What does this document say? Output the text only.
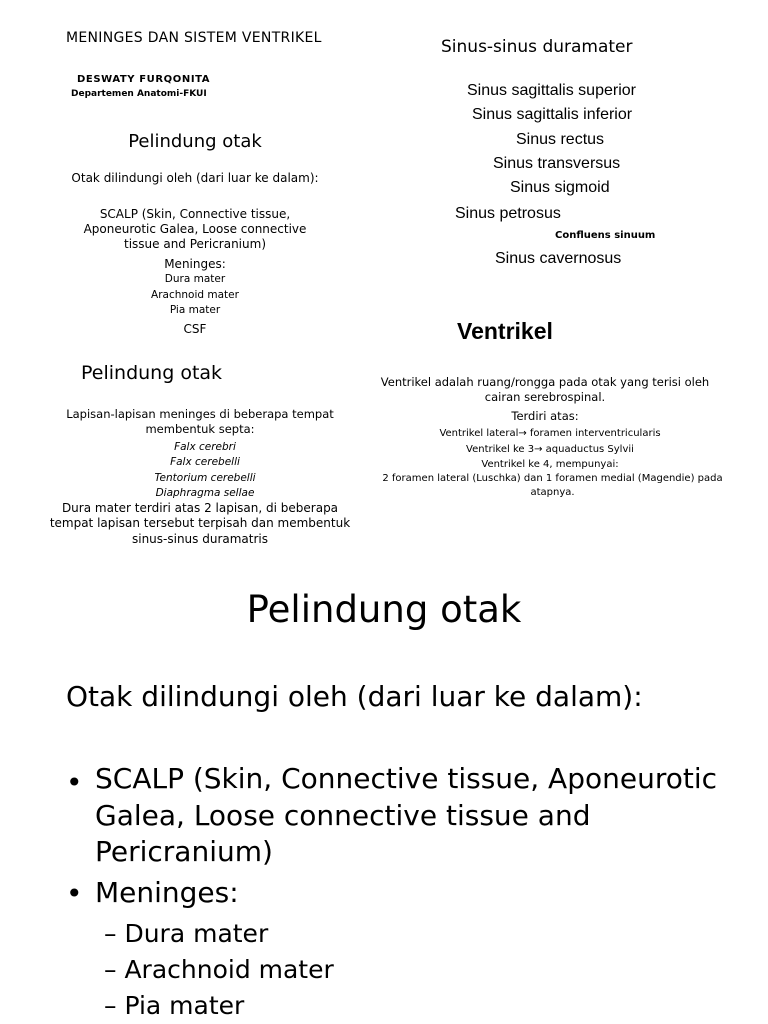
MENINGES DAN SISTEM VENTRIKEL
DESWATY FURQONITA
Departemen Anatomi-FKUI
Pelindung otak
Otak dilindungi oleh (dari luar ke dalam):
SCALP (Skin, Connective tissue, Aponeurotic Galea, Loose connective tissue and Pericranium)
Meninges:
Dura mater
Arachnoid mater
Pia mater
CSF
Pelindung otak
Lapisan-lapisan meninges di beberapa tempat membentuk septa:
Falx cerebri
Falx cerebelli
Tentorium cerebelli
Diaphragma sellae
Dura mater terdiri atas 2 lapisan, di beberapa tempat lapisan tersebut terpisah dan membentuk sinus-sinus duramatris
Sinus-sinus duramater
Sinus sagittalis superior
Sinus sagittalis inferior
Sinus rectus
Sinus transversus
Sinus sigmoid
Sinus petrosus
Confluens sinuum
Sinus cavernosus
Ventrikel
Ventrikel adalah ruang/rongga pada otak yang terisi oleh cairan serebrospinal.
Terdiri atas:
Ventrikel lateral→ foramen interventricularis
Ventrikel ke 3→ aquaductus Sylvii
Ventrikel ke 4, mempunyai:
2 foramen lateral (Luschka) dan 1 foramen medial (Magendie) pada atapnya.
Pelindung otak
Otak dilindungi oleh (dari luar ke dalam):
• SCALP (Skin, Connective tissue, Aponeurotic Galea, Loose connective tissue and Pericranium)
• Meninges:
– Dura mater
– Arachnoid mater
– Pia mater
